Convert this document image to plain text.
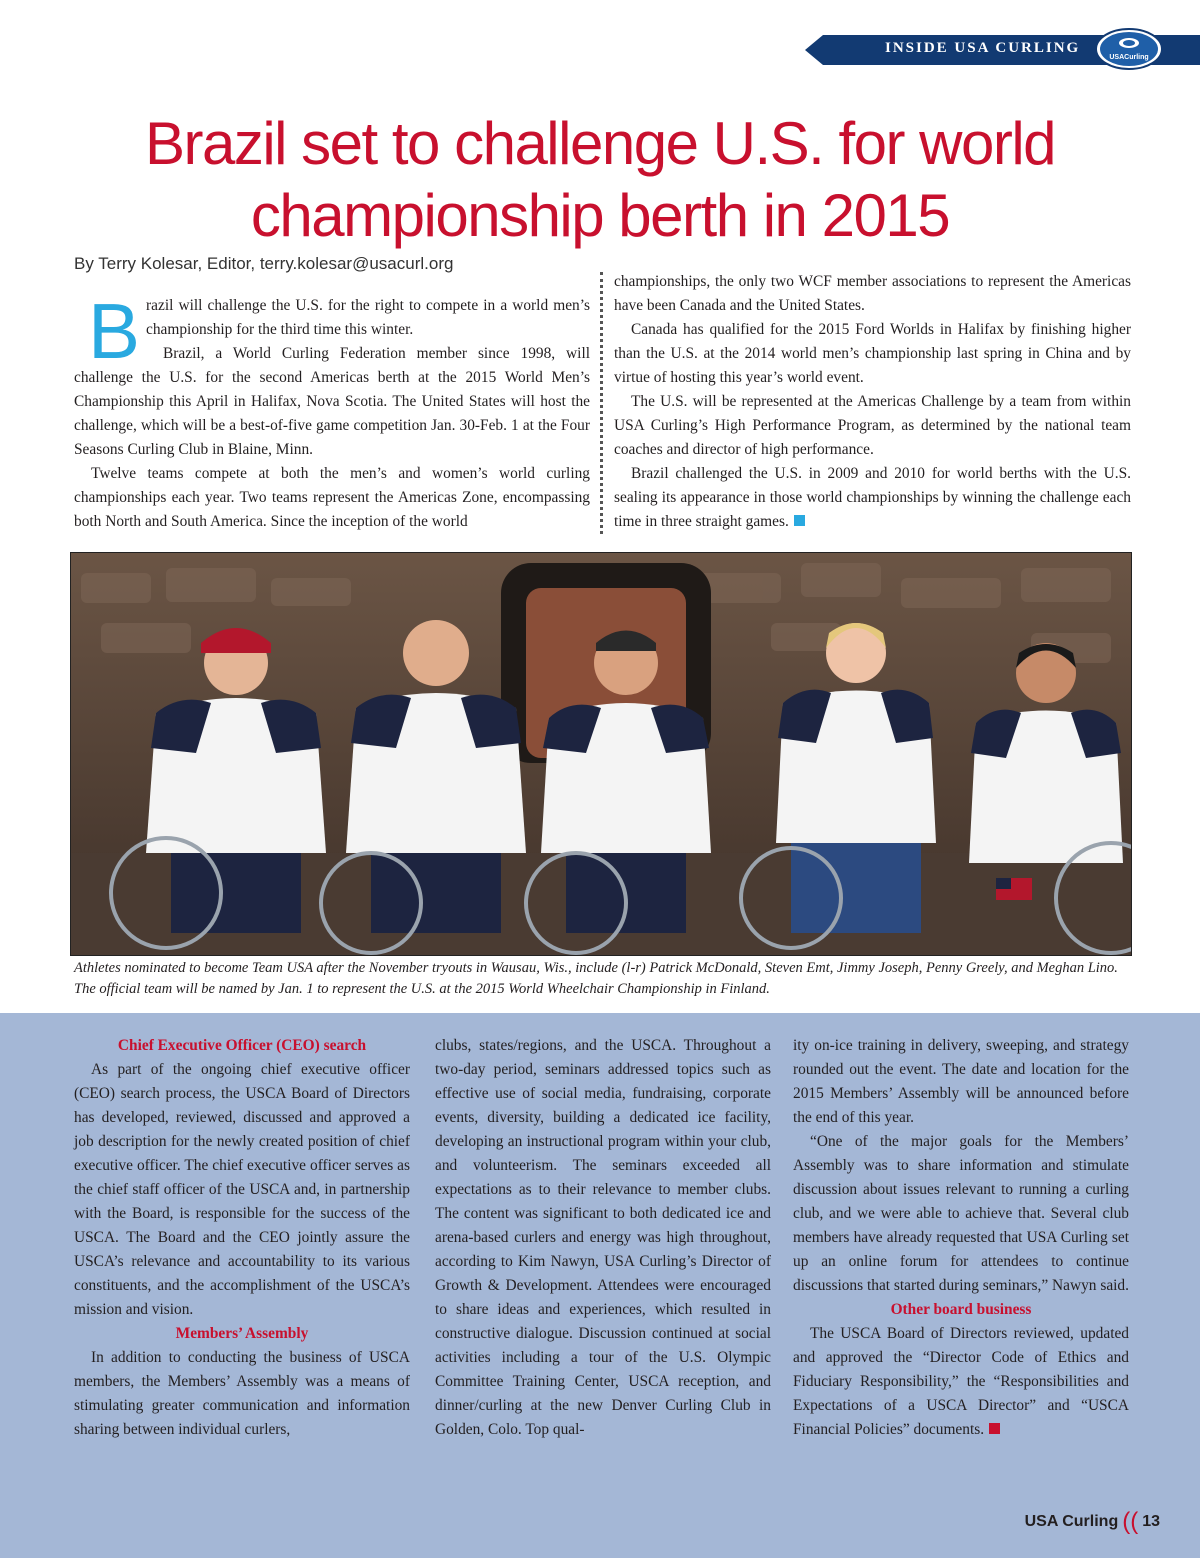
INSIDE USA CURLING
USACurling
Brazil set to challenge U.S. for world championship berth in 2015
By Terry Kolesar, Editor, terry.kolesar@usacurl.org
B razil will challenge the U.S. for the right to compete in a world men’s championship for the third time this winter.

Brazil, a World Curling Federation member since 1998, will challenge the U.S. for the second Americas berth at the 2015 World Men’s Championship this April in Halifax, Nova Scotia. The United States will host the challenge, which will be a best-of-five game competition Jan. 30-Feb. 1 at the Four Seasons Curling Club in Blaine, Minn.

Twelve teams compete at both the men’s and women’s world curling championships each year. Two teams represent the Americas Zone, encompassing both North and South America. Since the inception of the world

championships, the only two WCF member associations to represent the Americas have been Canada and the United States.

Canada has qualified for the 2015 Ford Worlds in Halifax by finishing higher than the U.S. at the 2014 world men’s championship last spring in China and by virtue of hosting this year’s world event.

The U.S. will be represented at the Americas Challenge by a team from within USA Curling’s High Performance Program, as determined by the national team coaches and director of high performance.

Brazil challenged the U.S. in 2009 and 2010 for world berths with the U.S. sealing its appearance in those world championships by winning the challenge each time in three straight games.

Athletes nominated to become Team USA after the November tryouts in Wausau, Wis., include (l-r) Patrick McDonald, Steven Emt, Jimmy Joseph, Penny Greely, and Meghan Lino. The official team will be named by Jan. 1 to represent the U.S. at the 2015 World Wheelchair Championship in Finland.
Chief Executive Officer (CEO) search

As part of the ongoing chief executive officer (CEO) search process, the USCA Board of Directors has developed, reviewed, discussed and approved a job description for the newly created position of chief executive officer. The chief executive officer serves as the chief staff officer of the USCA and, in partnership with the Board, is responsible for the success of the USCA. The Board and the CEO jointly assure the USCA’s relevance and accountability to its various constituents, and the accomplishment of the USCA’s mission and vision.

Members’ Assembly

In addition to conducting the business of USCA members, the Members’ Assembly was a means of stimulating greater communication and information sharing between individual curlers,

clubs, states/regions, and the USCA. Throughout a two-day period, seminars addressed topics such as effective use of social media, fundraising, corporate events, diversity, building a dedicated ice facility, developing an instructional program within your club, and volunteerism. The seminars exceeded all expectations as to their relevance to member clubs. The content was significant to both dedicated ice and arena-based curlers and energy was high throughout, according to Kim Nawyn, USA Curling’s Director of Growth & Development. Attendees were encouraged to share ideas and experiences, which resulted in constructive dialogue. Discussion continued at social activities including a tour of the U.S. Olympic Committee Training Center, USCA reception, and dinner/curling at the new Denver Curling Club in Golden, Colo. Top qual-

ity on-ice training in delivery, sweeping, and strategy rounded out the event. The date and location for the 2015 Members’ Assembly will be announced before the end of this year.

“One of the major goals for the Members’ Assembly was to share information and stimulate discussion about issues relevant to running a curling club, and we were able to achieve that. Several club members have already requested that USA Curling set up an online forum for attendees to continue discussions that started during seminars,” Nawyn said.

Other board business

The USCA Board of Directors reviewed, updated and approved the “Director Code of Ethics and Fiduciary Responsibility,” the “Responsibilities and Expectations of a USCA Director” and “USCA Financial Policies” documents.

USA Curling (( 13
